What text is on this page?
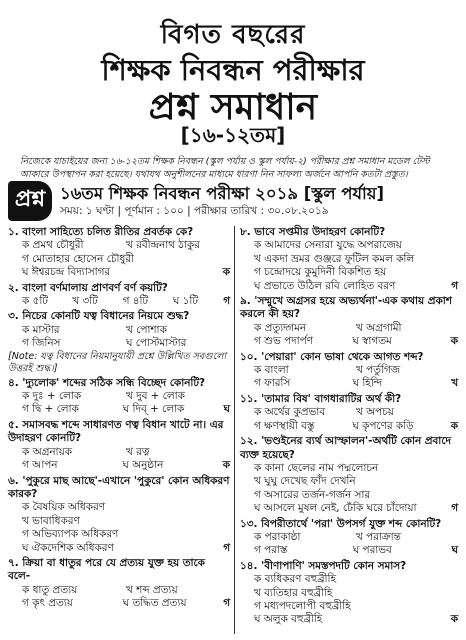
বিগত বছরের
শিক্ষক নিবন্ধন পরীক্ষার
প্রশ্ন সমাধান
[১৬-১২তম]
নিজেকে যাচাইয়ের জন্য ১৬-১২তম শিক্ষক নিবন্ধন (স্কুল পর্যায় ও স্কুল পর্যায়-২) পরীক্ষার প্রশ্ন সমাধান মডেল টেস্ট আকারে উপস্থাপন করা হয়েছে। যথাযথ অনুশীলনের মাধ্যমে ধারণা নিন সাফল্য অর্জনে আপনি কতটা প্রস্তুত।
প্রশ্ন ১৬তম শিক্ষক নিবন্ধন পরীক্ষা ২০১৯ [স্কুল পর্যায়]
সময়: ১ ঘণ্টা | পূর্ণমান : ১০০ | পরীক্ষার তারিখ : ৩০.০৮.২০১৯
১. বাংলা সাহিত্যে চলিত রীতির প্রবর্তক কে?
ক প্রমথ চৌধুরী	খ রবীন্দ্রনাথ ঠাকুর
গ মোতাহার হোসেন চৌধুরী
ঘ ঈশ্বরচন্দ্র বিদ্যাসাগর	ক
২. বাংলা বর্ণমালায় প্রাণবর্ণ বর্ণ কয়টি?
ক ৫টি	খ ৩টি	গ ৪টি	ঘ ১টি	গ
৩. নিচের কোনটি যত্ব বিধানের নিয়মে শুদ্ধ?
ক মাস্টার	খ পোশাক
গ জিনিস	ঘ পোস্টমাস্টার
[Note: যত্ব বিধানের নিয়মানুযায়ী প্রশ্নে উল্লিখিত সবগুলো উত্তরই শুদ্ধ।]
৪. 'দ্যুলোক' শব্দের সঠিক সন্ধি বিচ্ছেদ কোনটি?
ক দুঃ + লোক	খ দুব + লোক
গ দ্বি + লোক	ঘ দিব্ + লোক	ঘ
৫. সমাসবদ্ধ শব্দে সাধারণত ণত্ব বিধান খাটে না। এর উদাহরণ কোনটি?
ক অগ্রনায়ক	খ রত্ন
গ আপন	ঘ অনুষ্ঠান	ক
৬. 'পুকুরে মাছ আছে'-এখানে 'পুকুরে' কোন অধিকরণ কারক?
ক বৈষয়িক অধিকরণ
খ ভাবাধিকরণ
গ অভিব্যাপক অধিকরণ
ঘ ঐকদেশিক অধিকরণ	গ
৭. ক্রিয়া বা ধাতুর পরে যে প্রত্যয় যুক্ত হয় তাকে বলে-
ক ধাতু প্রত্যয়	খ শব্দ প্রত্যয়
গ কৃৎ প্রত্যয়	ঘ তদ্ধিত প্রত্যয়	গ
৮. ভাবে সপ্তমীর উদাহরণ কোনটি?
ক আমাদের সেনারা যুদ্ধে অপরাজেয়
খ একদা ভ্রমর গুঞ্জরে ফুটিল কমল কলি
গ চন্দ্রোদয়ে কুমুদিনী বিকশিত হয়
ঘ প্রভাতে উঠিল রবি লোহিত বরণ	গ
৯. 'সম্মুখে অগ্রসর হয়ে অভ্যর্থনা'-এক কথায় প্রকাশ করলে কী হয়?
ক প্রত্যুদ্গমন	খ অগ্রগামী
গ শুভ পদার্পণ	ঘ স্বাগতম	ক
১০. 'পেয়ারা' কোন ভাষা থেকে আগত শব্দ?
ক বাংলা	খ পর্তুগিজ
গ ফারসি	ঘ হিন্দি	খ
১১. 'তামার বিষ' বাগধারাটির অর্থ কী?
ক অর্থের কুপ্রভাব	খ অপচয়
গ ক্ষণস্থায়ী বস্তু	ঘ কৃপণের কড়ি	ক
১২. 'ভণ্ডইনের ব্যর্থ আস্ফালন'-অর্থটি কোন প্রবাদে ব্যক্ত হয়েছে?
ক কানা ছেলের নাম পদ্মলোচন
খ ঘুঘু দেখেছ ফাঁদ দেখনি
গ অসারের তর্জন-গর্জন সার
ঘ আসলে মুষল নেই, ঢেঁকি ঘরে চাঁদোয়া	গ
১৩. বিপরীতার্থে 'পরা' উপসর্গ যুক্ত শব্দ কোনটি?
ক পরাকাষ্ঠা	খ পরাক্রান্ত
গ পরাস্ত	ঘ পরাভব	ঘ
১৪. 'বীণাপাণি' সমস্তপদটি কোন সমাস?
ক ব্যধিকরণ বহুব্রীহি
খ ব্যতিহার বহুব্রীহি
গ মধ্যপদলোপী বহুব্রীহি
ঘ অলুক বহুব্রীহি	ক
